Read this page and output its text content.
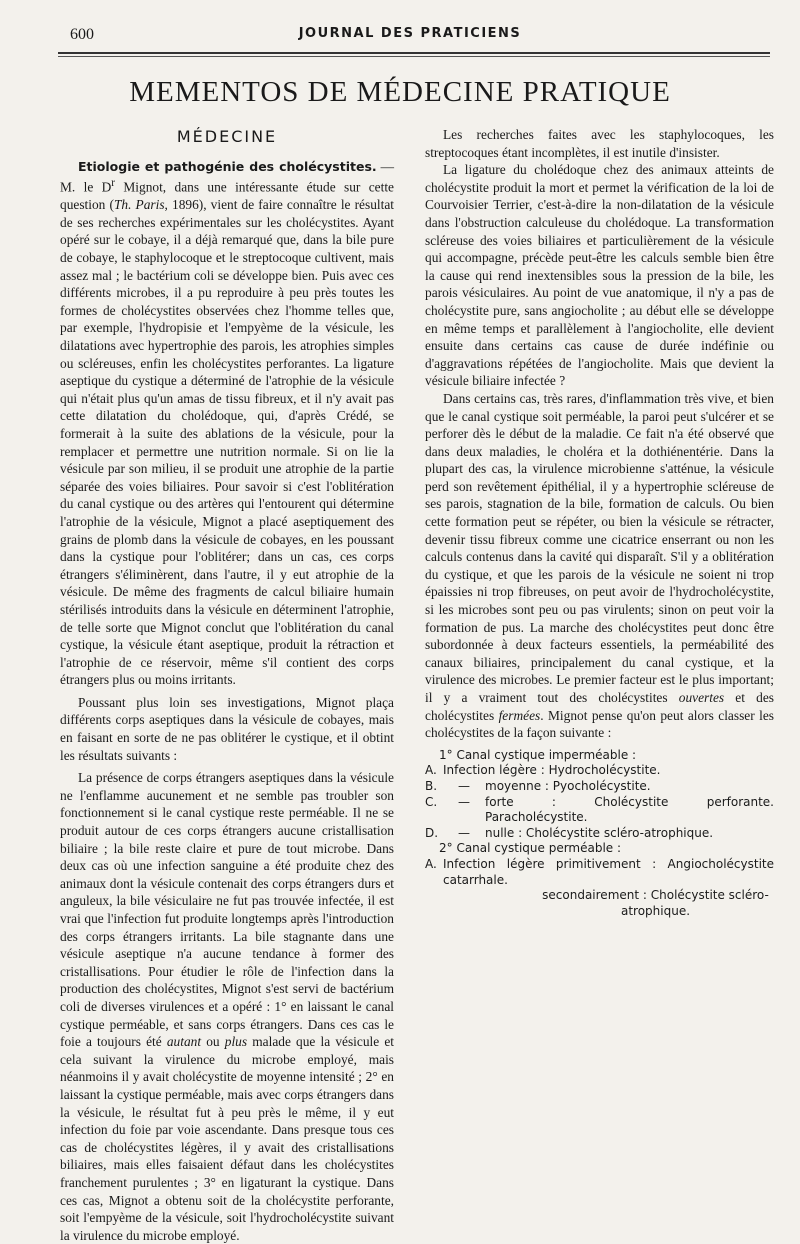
600	JOURNAL DES PRATICIENS
MEMENTOS DE MÉDECINE PRATIQUE
MÉDECINE

Etiologie et pathogénie des cholécystites. — M. le $D^r$ Mignot, dans une intéressante étude sur cette question (Th. Paris, 1896), vient de faire connaître le résultat de ses recherches expérimentales sur les cholécystites. Ayant opéré sur le cobaye, il a déjà remarqué que, dans la bile pure de cobaye, le staphylocoque et le streptocoque cultivent, mais assez mal ; le bactérium coli se développe bien. Puis avec ces différents microbes, il a pu reproduire à peu près toutes les formes de cholécystites observées chez l'homme telles que, par exemple, l'hydropisie et l'empyème de la vésicule, les dilatations avec hypertrophie des parois, les atrophies simples ou scléreuses, enfin les cholécystites perforantes. La ligature aseptique du cystique a déterminé de l'atrophie de la vésicule qui n'était plus qu'un amas de tissu fibreux, et il n'y avait pas cette dilatation du cholédoque, qui, d'après Crédé, se formerait à la suite des ablations de la vésicule, pour la remplacer et permettre une nutrition normale. Si on lie la vésicule par son milieu, il se produit une atrophie de la partie séparée des voies biliaires. Pour savoir si c'est l'oblitération du canal cystique ou des artères qui l'entourent qui détermine l'atrophie de la vésicule, Mignot a placé aseptiquement des grains de plomb dans la vésicule de cobayes, en les poussant dans la cystique pour l'oblitérer; dans un cas, ces corps étrangers s'éliminèrent, dans l'autre, il y eut atrophie de la vésicule. De même des fragments de calcul biliaire humain stérilisés introduits dans la vésicule en déterminent l'atrophie, de telle sorte que Mignot conclut que l'oblitération du canal cystique, la vésicule étant aseptique, produit la rétraction et l'atrophie de ce réservoir, même s'il contient des corps étrangers plus ou moins irritants.

Poussant plus loin ses investigations, Mignot plaça différents corps aseptiques dans la vésicule de cobayes, mais en faisant en sorte de ne pas oblitérer le cystique, et il obtint les résultats suivants :

La présence de corps étrangers aseptiques dans la vésicule ne l'enflamme aucunement et ne semble pas troubler son fonctionnement si le canal cystique reste perméable. Il ne se produit autour de ces corps étrangers aucune cristallisation biliaire ; la bile reste claire et pure de tout microbe. Dans deux cas où une infection sanguine a été produite chez des animaux dont la vésicule contenait des corps étrangers durs et anguleux, la bile vésiculaire ne fut pas trouvée infectée, il est vrai que l'infection fut produite longtemps après l'introduction des corps étrangers irritants. La bile stagnante dans une vésicule aseptique n'a aucune tendance à former des cristallisations. Pour étudier le rôle de l'infection dans la production des cholécystites, Mignot s'est servi de bactérium coli de diverses virulences et a opéré : 1° en laissant le canal cystique perméable, et sans corps étrangers. Dans ces cas le foie a toujours été autant ou plus malade que la vésicule et cela suivant la virulence du microbe employé, mais néanmoins il y avait cholécystite de moyenne intensité ; 2° en laissant la cystique perméable, mais avec corps étrangers dans la vésicule, le résultat fut à peu près le même, il y eut infection du foie par voie ascendante. Dans presque tous ces cas de cholécystites légères, il y avait des cristallisations biliaires, mais elles faisaient défaut dans les cholécystites franchement purulentes ; 3° en ligaturant la cystique. Dans ces cas, Mignot a obtenu soit de la cholécystite perforante, soit l'empyème de la vésicule, soit l'hydrocholécystite suivant la virulence du microbe employé.

Les recherches faites avec les staphylocoques, les streptocoques étant incomplètes, il est inutile d'insister.

La ligature du cholédoque chez des animaux atteints de cholécystite produit la mort et permet la vérification de la loi de Courvoisier Terrier, c'est-à-dire la non-dilatation de la vésicule dans l'obstruction calculeuse du cholédoque. La transformation scléreuse des voies biliaires et particulièrement de la vésicule qui accompagne, précède peut-être les calculs semble bien être la cause qui rend inextensibles sous la pression de la bile, les parois vésiculaires. Au point de vue anatomique, il n'y a pas de cholécystite pure, sans angiocholite ; au début elle se développe en même temps et parallèlement à l'angiocholite, elle devient ensuite dans certains cas cause de durée indéfinie ou d'aggravations répétées de l'angiocholite. Mais que devient la vésicule biliaire infectée ?

Dans certains cas, très rares, d'inflammation très vive, et bien que le canal cystique soit perméable, la paroi peut s'ulcérer et se perforer dès le début de la maladie. Ce fait n'a été observé que dans deux maladies, le choléra et la dothiénentérie. Dans la plupart des cas, la virulence microbienne s'atténue, la vésicule perd son revêtement épithélial, il y a hypertrophie scléreuse de ses parois, stagnation de la bile, formation de calculs. Ou bien cette formation peut se répéter, ou bien la vésicule se rétracter, devenir tissu fibreux comme une cicatrice enserrant ou non les calculs contenus dans la cavité qui disparaît. S'il y a oblitération du cystique, et que les parois de la vésicule ne soient ni trop épaissies ni trop fibreuses, on peut avoir de l'hydrocholécystite, si les microbes sont peu ou pas virulents; sinon on peut voir la formation de pus. La marche des cholécystites peut donc être subordonnée à deux facteurs essentiels, la perméabilité des canaux biliaires, principalement du canal cystique, et la virulence des microbes. Le premier facteur est le plus important; il y a vraiment tout des cholécystites ouvertes et des cholécystites fermées. Mignot pense qu'on peut alors classer les cholécystites de la façon suivante :

1° Canal cystique imperméable :
A. Infection légère : Hydrocholécystite.
B.	—	moyenne : Pyocholécystite.
C.	—	forte : Cholécystite perforante. Paracholécystite.
D.	—	nulle : Cholécystite scléro-atrophique.
2° Canal cystique perméable :
A. Infection légère primitivement : Angiocholécystite catarrhale.
secondairement : Cholécystite scléro-atrophique.
